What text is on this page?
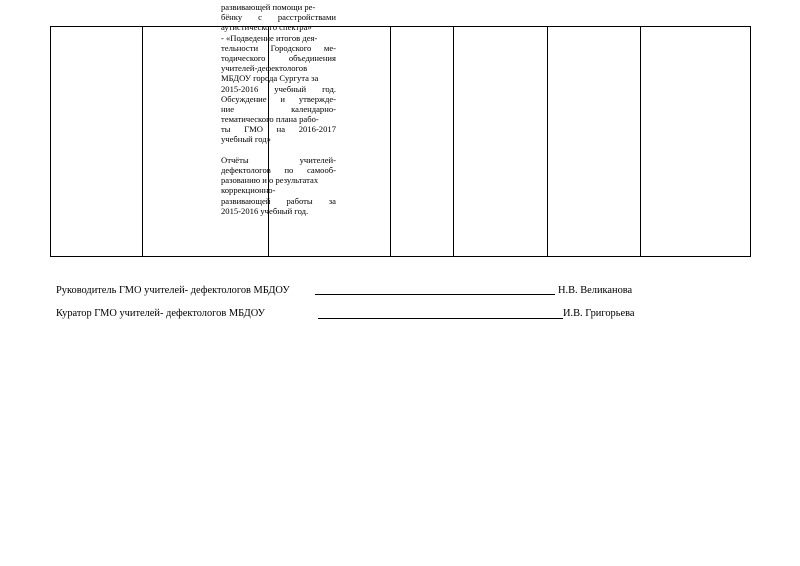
развивающей помощи ре-
бёнку с расстройствами
аутистического спектра»
- «Подведение итогов дея-
тельности Городского ме-
тодического объединения
учителей-дефектологов
МБДОУ города Сургута за
2015-2016 учебный год.
Обсуждение и утвержде-
ние календарно-
тематического плана рабо-
ты ГМО на 2016-2017
учебный год»
Отчёты учителей-
дефектологов по самооб-
разованию и о результатах
коррекционно-
развивающей работы за
2015-2016 учебный год.
Руководитель ГМО учителей- дефектологов МБДОУ	Н.В. Великанова
Куратор ГМО учителей- дефектологов МБДОУ	И.В. Григорьева
